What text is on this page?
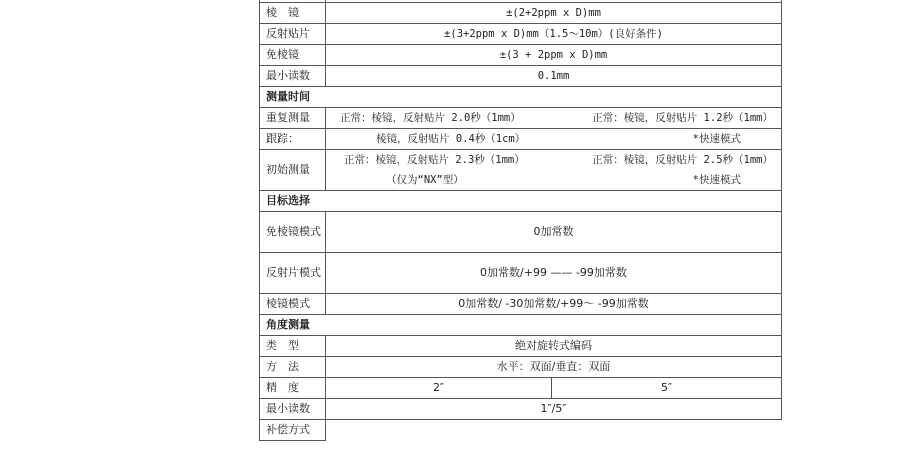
棱　镜	±(2+2ppm x D)mm	
反射贴片	±(3+2ppm x D)mm（1.5～10m）(良好条件)	
免棱镜	±(3 + 2ppm x D)mm	
最小读数	0.1mm	
测量时间		
重复测量	正常：棱镜，反射贴片 2.0秒（1mm） 正常：棱镜，反射贴片 1.2秒（1mm）	

跟踪：	棱镜，反射贴片 0.4秒（1cm） *快速模式	

初始测量	正常：棱镜，反射贴片 2.3秒（1mm） 正常：棱镜，反射贴片 2.5秒（1mm）
（仅为“NX”型） *快速模式	

目标选择		
免棱镜模式	0加常数	
反射片模式	0加常数/+99 —— -99加常数	
棱镜模式	0加常数/ -30加常数/+99～ -99加常数	
角度测量		
类　型	绝对旋转式编码	
方　法	水平：双面/垂直：双面	
精　度	2″	5″
最小读数	1″/5″	
补偿方式		
